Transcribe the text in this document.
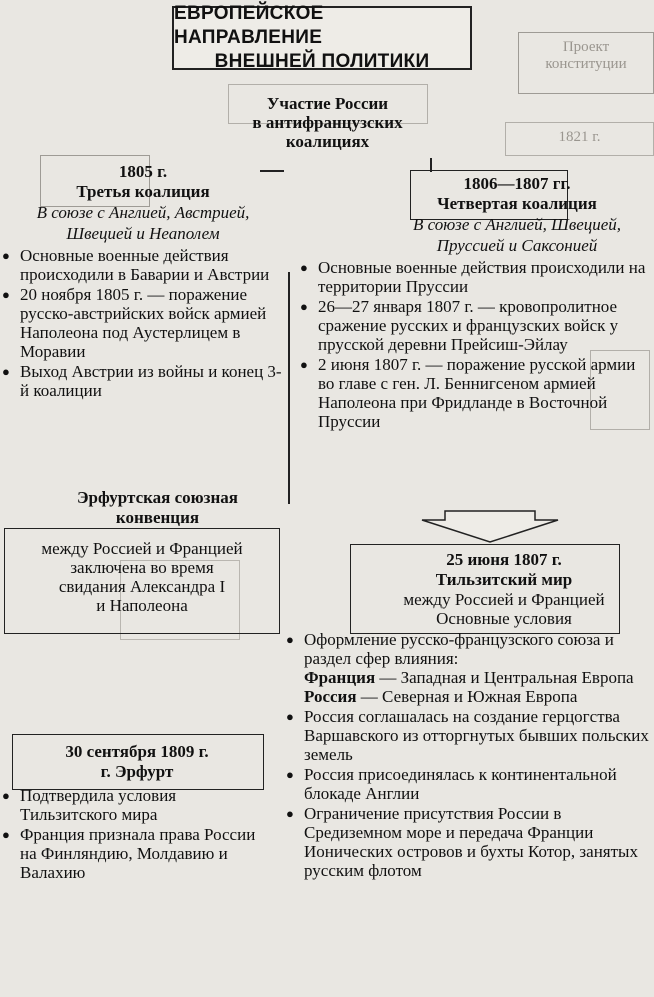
Проект
конституции
1821 г.
ЕВРОПЕЙСКОЕ НАПРАВЛЕНИЕ
ВНЕШНЕЙ ПОЛИТИКИ
Участие России
в антифранцузских
коалициях
1805 г.
Третья коалиция
В союзе с Англией, Австрией,
Швецией и Неаполем
● Основные военные действия происходили в Баварии и Австрии
● 20 ноября 1805 г. — поражение русско-австрийских войск армией Наполеона под Аустерлицем в Моравии
● Выход Австрии из войны и конец 3-й коалиции
1806—1807 гг.
Четвертая коалиция
В союзе с Англией, Швецией,
Пруссией и Саксонией
● Основные военные действия происходили на территории Пруссии
● 26—27 января 1807 г. — кровопролитное сражение русских и французских войск у прусской деревни Прейсиш-Эйлау
● 2 июня 1807 г. — поражение русской армии во главе с ген. Л. Беннигсеном армией Наполеона при Фридланде в Восточной Пруссии
Эрфуртская союзная
конвенция
между Россией и Францией
заключена во время
свидания Александра I
и Наполеона
30 сентября 1809 г.
г. Эрфурт
● Подтвердила условия Тильзитского мира
● Франция признала права России на Финляндию, Молдавию и Валахию
25 июня 1807 г.
Тильзитский мир
между Россией и Францией
Основные условия
● Оформление русско-французского союза и раздел сфер влияния:
Франция — Западная и Центральная Европа
Россия — Северная и Южная Европа
● Россия соглашалась на создание герцогства Варшавского из отторгнутых бывших польских земель
● Россия присоединялась к континентальной блокаде Англии
● Ограничение присутствия России в Средиземном море и передача Франции Ионических островов и бухты Котор, занятых русским флотом
